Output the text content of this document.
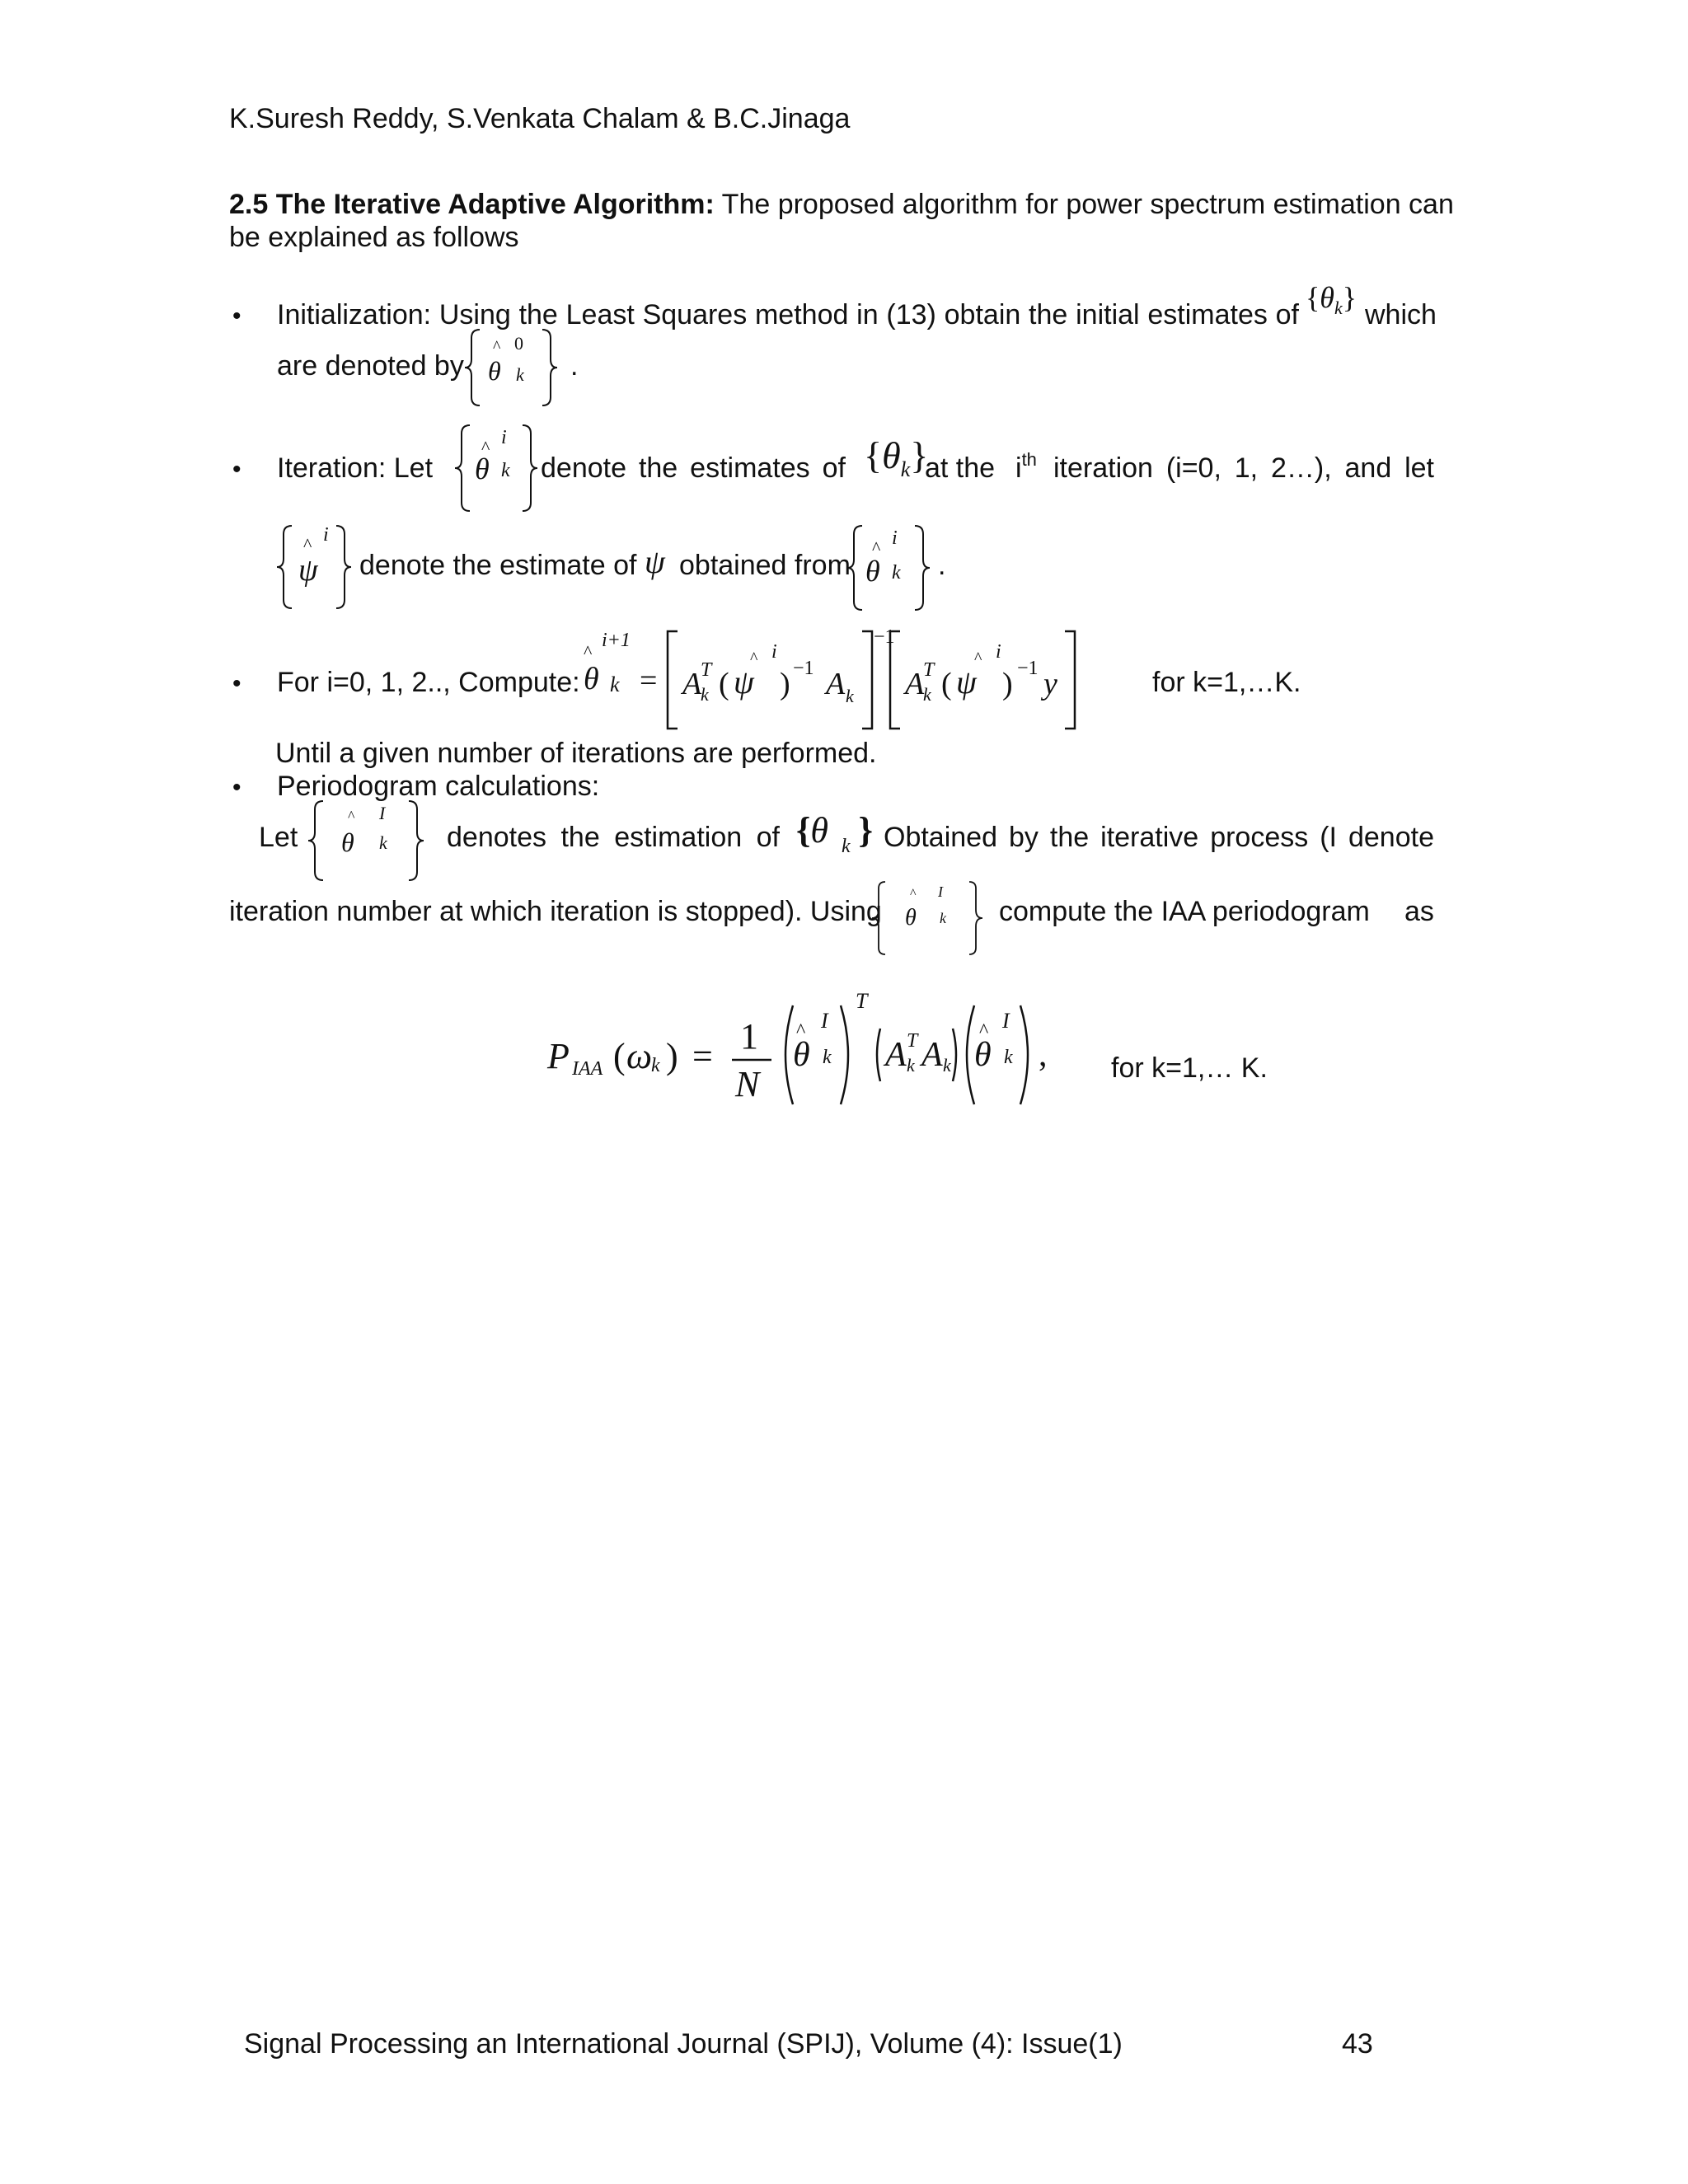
K.Suresh Reddy, S.Venkata Chalam & B.C.Jinaga
2.5 The Iterative Adaptive Algorithm: The proposed algorithm for power spectrum estimation can
be explained as follows
• Initialization: Using the Least Squares method in (13) obtain the initial estimates of
$\{\theta_k\}$
which
are denoted by
^ 0
θ k .
• Iteration: Let
^ i
θ k denote the estimates of $\{\theta_k\}$
at the $i^{th}$ iteration (i=0, 1, 2…), and let
^ i
ψ denote the estimate of ψ obtained from
^ i
θ k .
• For i=0, 1, 2.., Compute:
^
i+1
θ k = A
T
k (
^ i
ψ ) −1 A k
−1
A
T
k (
^ i
ψ ) −1 y	for k=1,…K.
Until a given number of iterations are performed.
• Periodogram calculations:
Let
^ I
θ k denotes the estimation of {θ $_k$ } Obtained by the iterative process (I denote
iteration number at which iteration is stopped). Using
^ I
θ k compute the IAA periodogram as
P IAA ( ω
k ) = 1
N
^ I
θ k
T
A T
k A k
^ I
θ k , for k=1,… K.
Signal Processing an International Journal (SPIJ), Volume (4): Issue(1)	43
